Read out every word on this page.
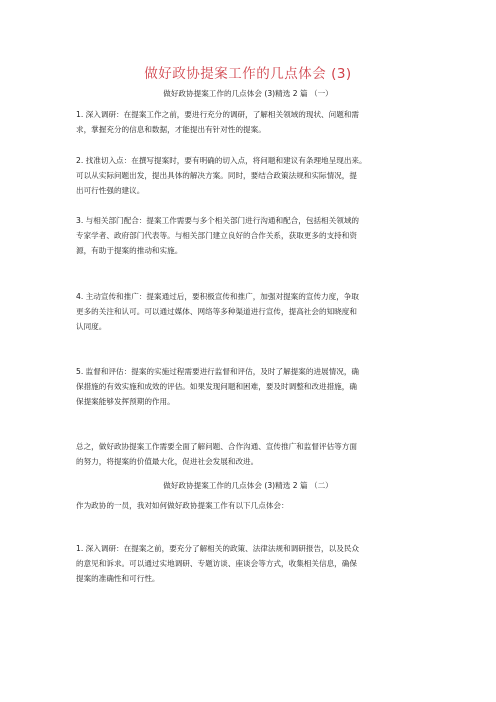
做好政协提案工作的几点体会 (3)
做好政协提案工作的几点体会 (3)精选 2 篇 （一）
1. 深入调研：在提案工作之前，要进行充分的调研，了解相关领域的现状、问题和需
求，掌握充分的信息和数据，才能提出有针对性的提案。
2. 找准切入点：在撰写提案时，要有明确的切入点，将问题和建议有条理地呈现出来。
可以从实际问题出发，提出具体的解决方案。同时，要结合政策法规和实际情况，提
出可行性强的建议。
3. 与相关部门配合：提案工作需要与多个相关部门进行沟通和配合，包括相关领域的
专家学者、政府部门代表等。与相关部门建立良好的合作关系，获取更多的支持和资
源，有助于提案的推动和实施。
4. 主动宣传和推广：提案通过后，要积极宣传和推广，加强对提案的宣传力度，争取
更多的关注和认可。可以通过媒体、网络等多种渠道进行宣传，提高社会的知晓度和
认同度。
5. 监督和评估：提案的实施过程需要进行监督和评估，及时了解提案的进展情况，确
保措施的有效实施和成效的评估。如果发现问题和困难，要及时调整和改进措施，确
保提案能够发挥预期的作用。
总之，做好政协提案工作需要全面了解问题、合作沟通、宣传推广和监督评估等方面
的努力，将提案的价值最大化，促进社会发展和改进。
做好政协提案工作的几点体会 (3)精选 2 篇 （二）
作为政协的一员，我对如何做好政协提案工作有以下几点体会：
1. 深入调研：在提案之前，要充分了解相关的政策、法律法规和调研报告，以及民众
的意见和诉求。可以通过实地调研、专题访谈、座谈会等方式，收集相关信息，确保
提案的准确性和可行性。
